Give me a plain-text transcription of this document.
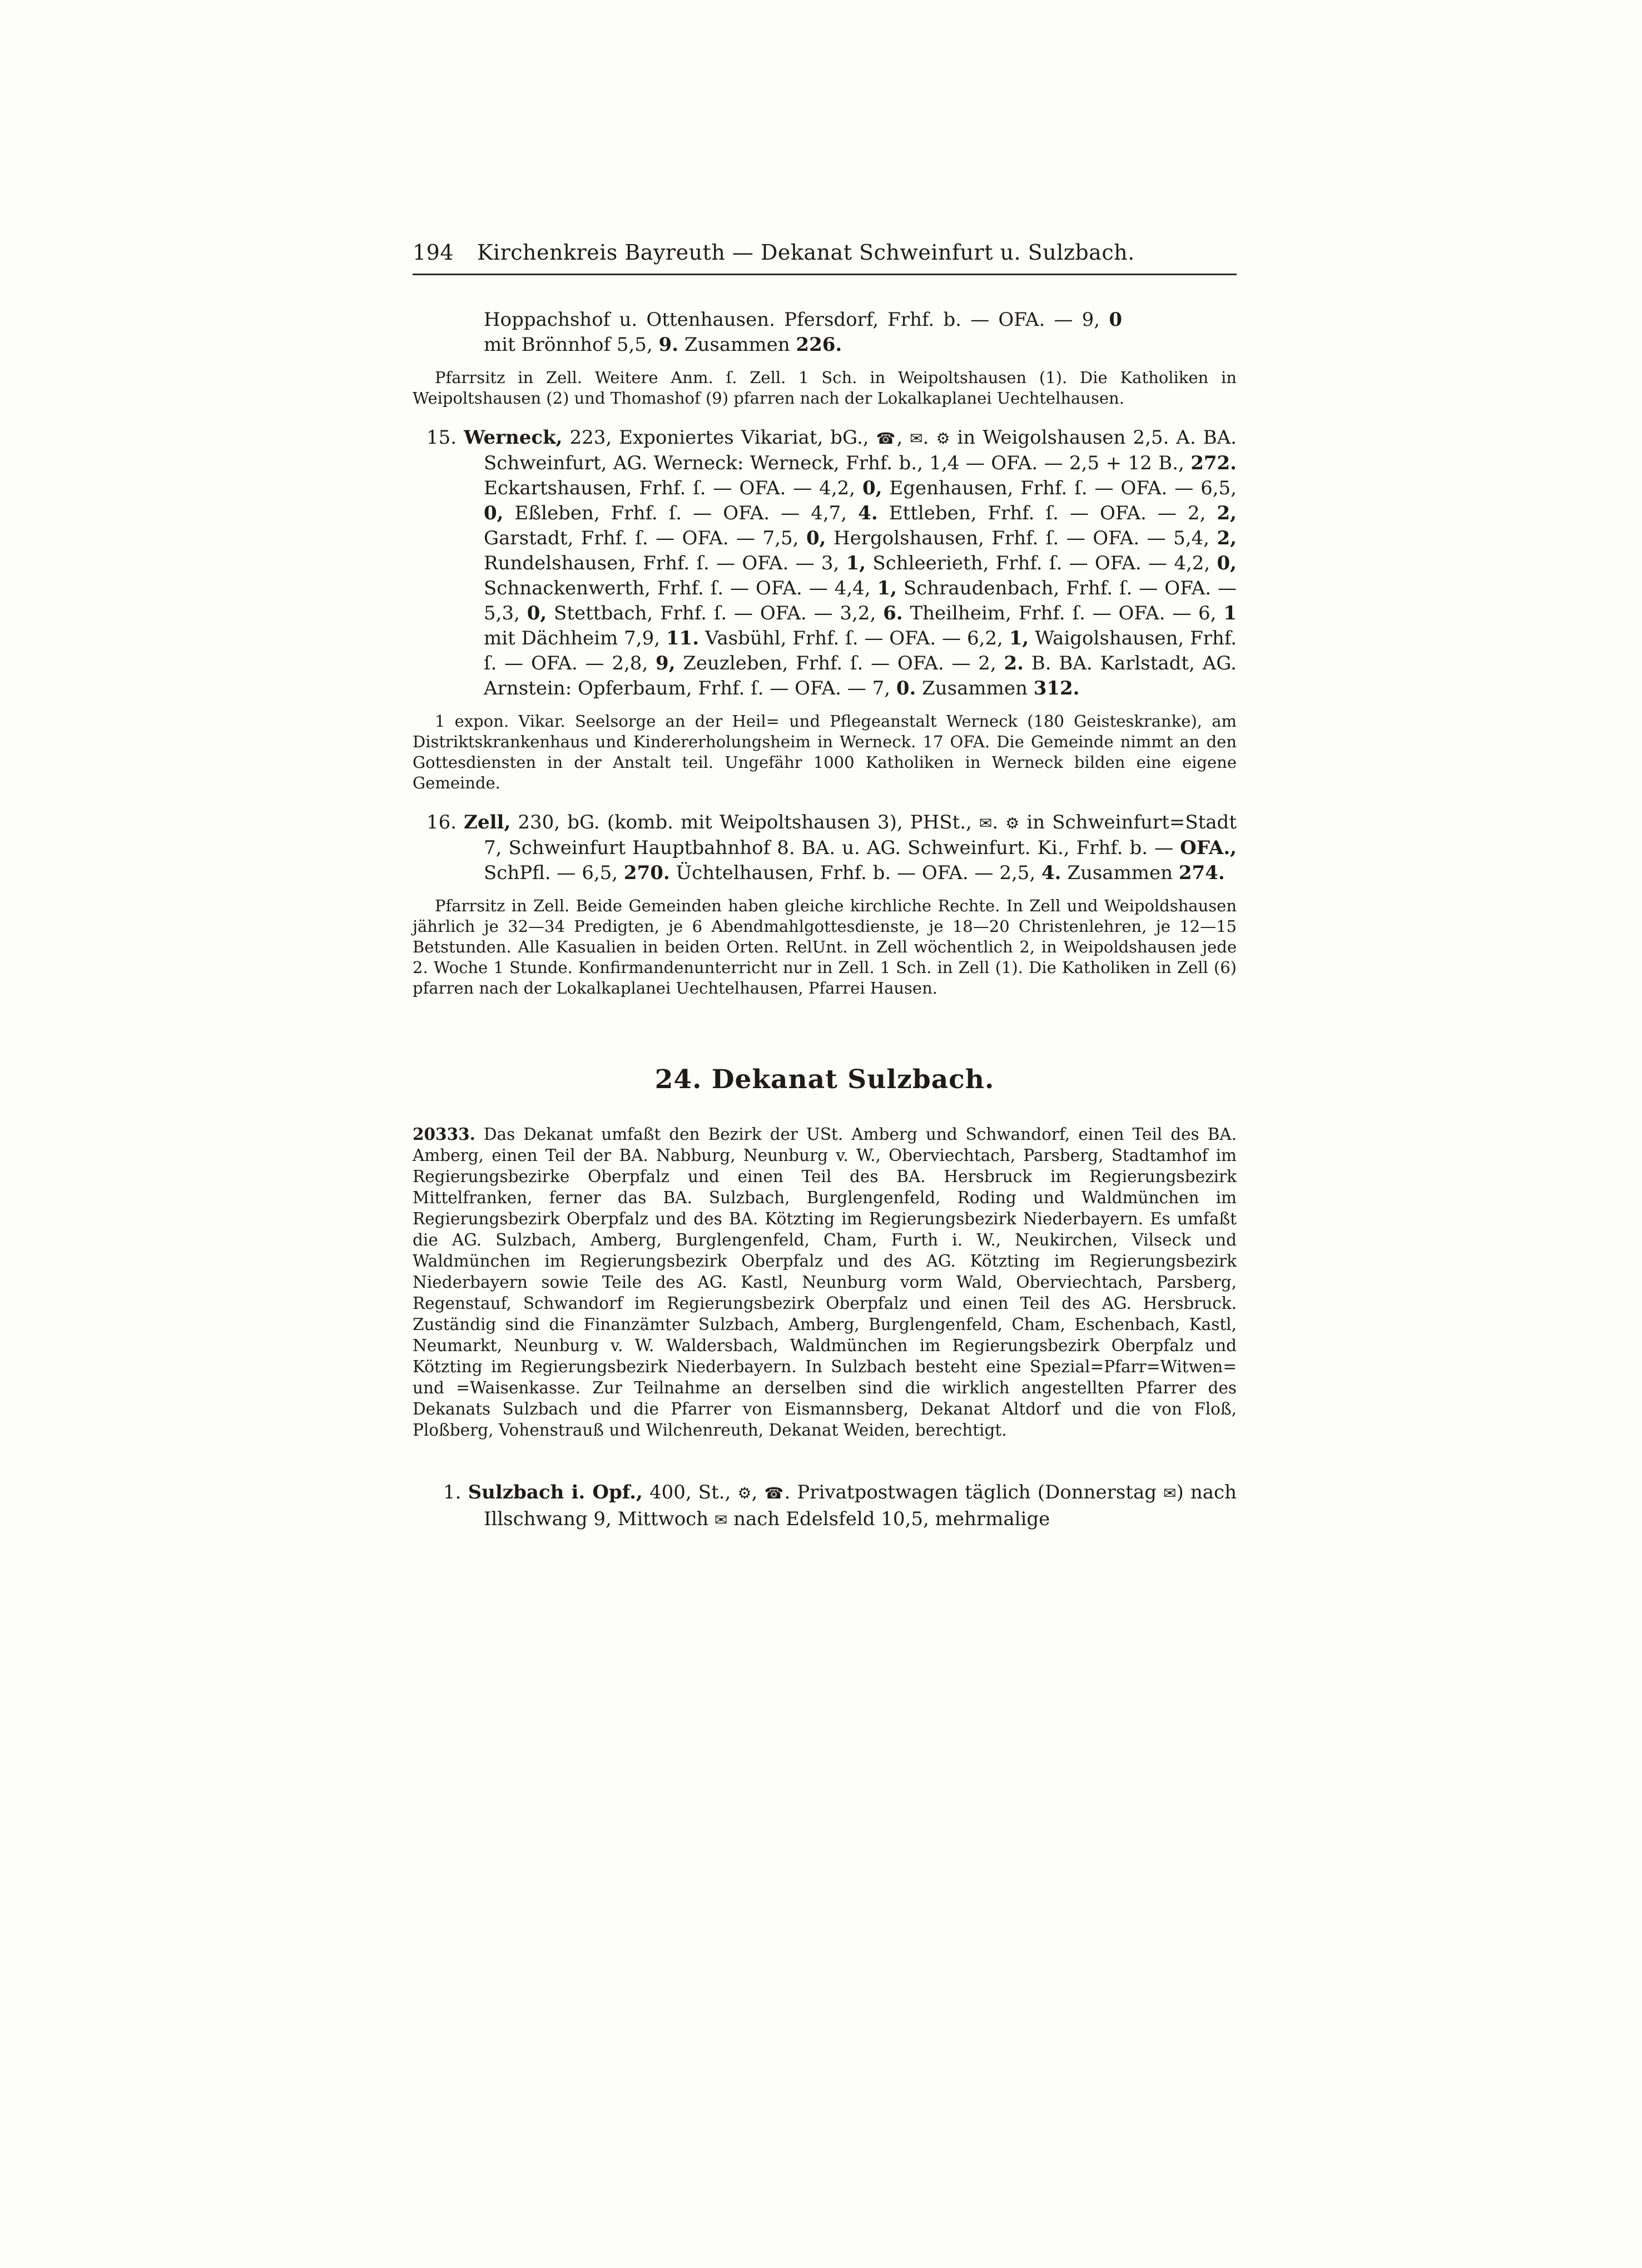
194 Kirchenkreis Bayreuth — Dekanat Schweinfurt u. Sulzbach.

Hoppachshof u. Ottenhausen. Pfersdorf, Frhf. b. — OFA. — 9, 0 mit Brönnhof 5,5, 9. Zusammen 226.

Pfarrsitz in Zell. Weitere Anm. ſ. Zell. 1 Sch. in Weipoltshausen (1). Die Katholiken in Weipoltshausen (2) und Thomashof (9) pfarren nach der Lokalkaplanei Uechtelhausen.

15. Werneck, 223, Exponiertes Vikariat, bG., ☎, ✉. ⚙ in Weigolshausen 2,5. A. BA. Schweinfurt, AG. Werneck: Werneck, Frhf. b., 1,4 — OFA. — 2,5 + 12 B., 272. Eckartshausen, Frhf. ſ. — OFA. — 4,2, 0, Egenhausen, Frhf. ſ. — OFA. — 6,5, 0, Eßleben, Frhf. ſ. — OFA. — 4,7, 4. Ettleben, Frhf. ſ. — OFA. — 2, 2, Garstadt, Frhf. ſ. — OFA. — 7,5, 0, Hergolshausen, Frhf. ſ. — OFA. — 5,4, 2, Rundelshausen, Frhf. ſ. — OFA. — 3, 1, Schleerieth, Frhf. ſ. — OFA. — 4,2, 0, Schnackenwerth, Frhf. ſ. — OFA. — 4,4, 1, Schraudenbach, Frhf. ſ. — OFA. — 5,3, 0, Stettbach, Frhf. ſ. — OFA. — 3,2, 6. Theilheim, Frhf. ſ. — OFA. — 6, 1 mit Dächheim 7,9, 11. Vasbühl, Frhf. ſ. — OFA. — 6,2, 1, Waigolshausen, Frhf. ſ. — OFA. — 2,8, 9, Zeuzleben, Frhf. ſ. — OFA. — 2, 2. B. BA. Karlstadt, AG. Arnstein: Opferbaum, Frhf. ſ. — OFA. — 7, 0. Zusammen 312.

1 expon. Vikar. Seelsorge an der Heil= und Pflegeanstalt Werneck (180 Geisteskranke), am Distriktskrankenhaus und Kindererholungsheim in Werneck. 17 OFA. Die Gemeinde nimmt an den Gottesdiensten in der Anstalt teil. Ungefähr 1000 Katholiken in Werneck bilden eine eigene Gemeinde.

16. Zell, 230, bG. (komb. mit Weipoltshausen 3), PHSt., ✉. ⚙ in Schweinfurt=Stadt 7, Schweinfurt Hauptbahnhof 8. BA. u. AG. Schweinfurt. Ki., Frhf. b. — OFA., SchPfl. — 6,5, 270. Üchtelhausen, Frhf. b. — OFA. — 2,5, 4. Zusammen 274.

Pfarrsitz in Zell. Beide Gemeinden haben gleiche kirchliche Rechte. In Zell und Weipoldshausen jährlich je 32—34 Predigten, je 6 Abendmahlgottesdienste, je 18—20 Christenlehren, je 12—15 Betstunden. Alle Kasualien in beiden Orten. RelUnt. in Zell wöchentlich 2, in Weipoldshausen jede 2. Woche 1 Stunde. Konfirmandenunterricht nur in Zell. 1 Sch. in Zell (1). Die Katholiken in Zell (6) pfarren nach der Lokalkaplanei Uechtelhausen, Pfarrei Hausen.

24. Dekanat Sulzbach.

20333. Das Dekanat umfaßt den Bezirk der USt. Amberg und Schwandorf, einen Teil des BA. Amberg, einen Teil der BA. Nabburg, Neunburg v. W., Oberviechtach, Parsberg, Stadtamhof im Regierungsbezirke Oberpfalz und einen Teil des BA. Hersbruck im Regierungsbezirk Mittelfranken, ferner das BA. Sulzbach, Burglengenfeld, Roding und Waldmünchen im Regierungsbezirk Oberpfalz und des BA. Kötzting im Regierungsbezirk Niederbayern. Es umfaßt die AG. Sulzbach, Amberg, Burglengenfeld, Cham, Furth i. W., Neukirchen, Vilseck und Waldmünchen im Regierungsbezirk Oberpfalz und des AG. Kötzting im Regierungsbezirk Niederbayern sowie Teile des AG. Kastl, Neunburg vorm Wald, Oberviechtach, Parsberg, Regenstauf, Schwandorf im Regierungsbezirk Oberpfalz und einen Teil des AG. Hersbruck. Zuständig sind die Finanzämter Sulzbach, Amberg, Burglengenfeld, Cham, Eschenbach, Kastl, Neumarkt, Neunburg v. W. Waldersbach, Waldmünchen im Regierungsbezirk Oberpfalz und Kötzting im Regierungsbezirk Niederbayern. In Sulzbach besteht eine Spezial=Pfarr=Witwen= und =Waisenkasse. Zur Teilnahme an derselben sind die wirklich angestellten Pfarrer des Dekanats Sulzbach und die Pfarrer von Eismannsberg, Dekanat Altdorf und die von Floß, Ploßberg, Vohenstrauß und Wilchenreuth, Dekanat Weiden, berechtigt.

1. Sulzbach i. Opf., 400, St., ⚙, ☎. Privatpostwagen täglich (Donnerstag ✉) nach Illschwang 9, Mittwoch ✉ nach Edelsfeld 10,5, mehrmalige
